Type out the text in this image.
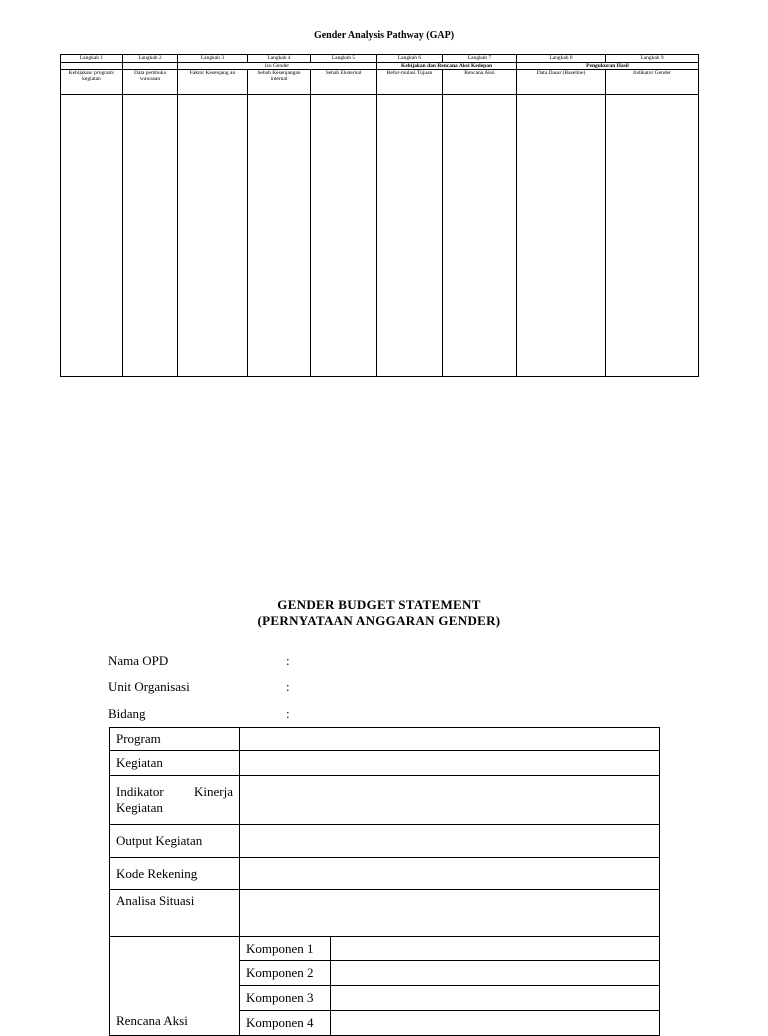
Gender Analysis Pathway (GAP)
Langkah 1	Langkah 2	Langkah 3	Langkah 4	Langkah 5	Langkah 6	Langkah 7	Langkah 8	Langkah 9
		Isu Gender			Kebijakan dan Rencana Aksi Kedepan		Pengukuran Hasil	
Kebijakan/ program/ kegiatan	Data pembuka wawasan	Faktor Kesenjang an	Sebab Kesenjangan internal	Sebab Eksternal	Refor-mulasi Tujuan	Rencana Aksi	Data Dasar (Baseline)	Indikator Gender

GENDER BUDGET STATEMENT
(PERNYATAAN ANGGARAN GENDER)
Nama OPD	:
Unit Organisasi	:
Bidang	:
Program		
Kegiatan		

Indikator Kinerja
Kegiatan		

Output Kegiatan		
Kode Rekening		
Analisa Situasi		
Rencana Aksi	Komponen 1	
	Komponen 2	
	Komponen 3	
	Komponen 4	
